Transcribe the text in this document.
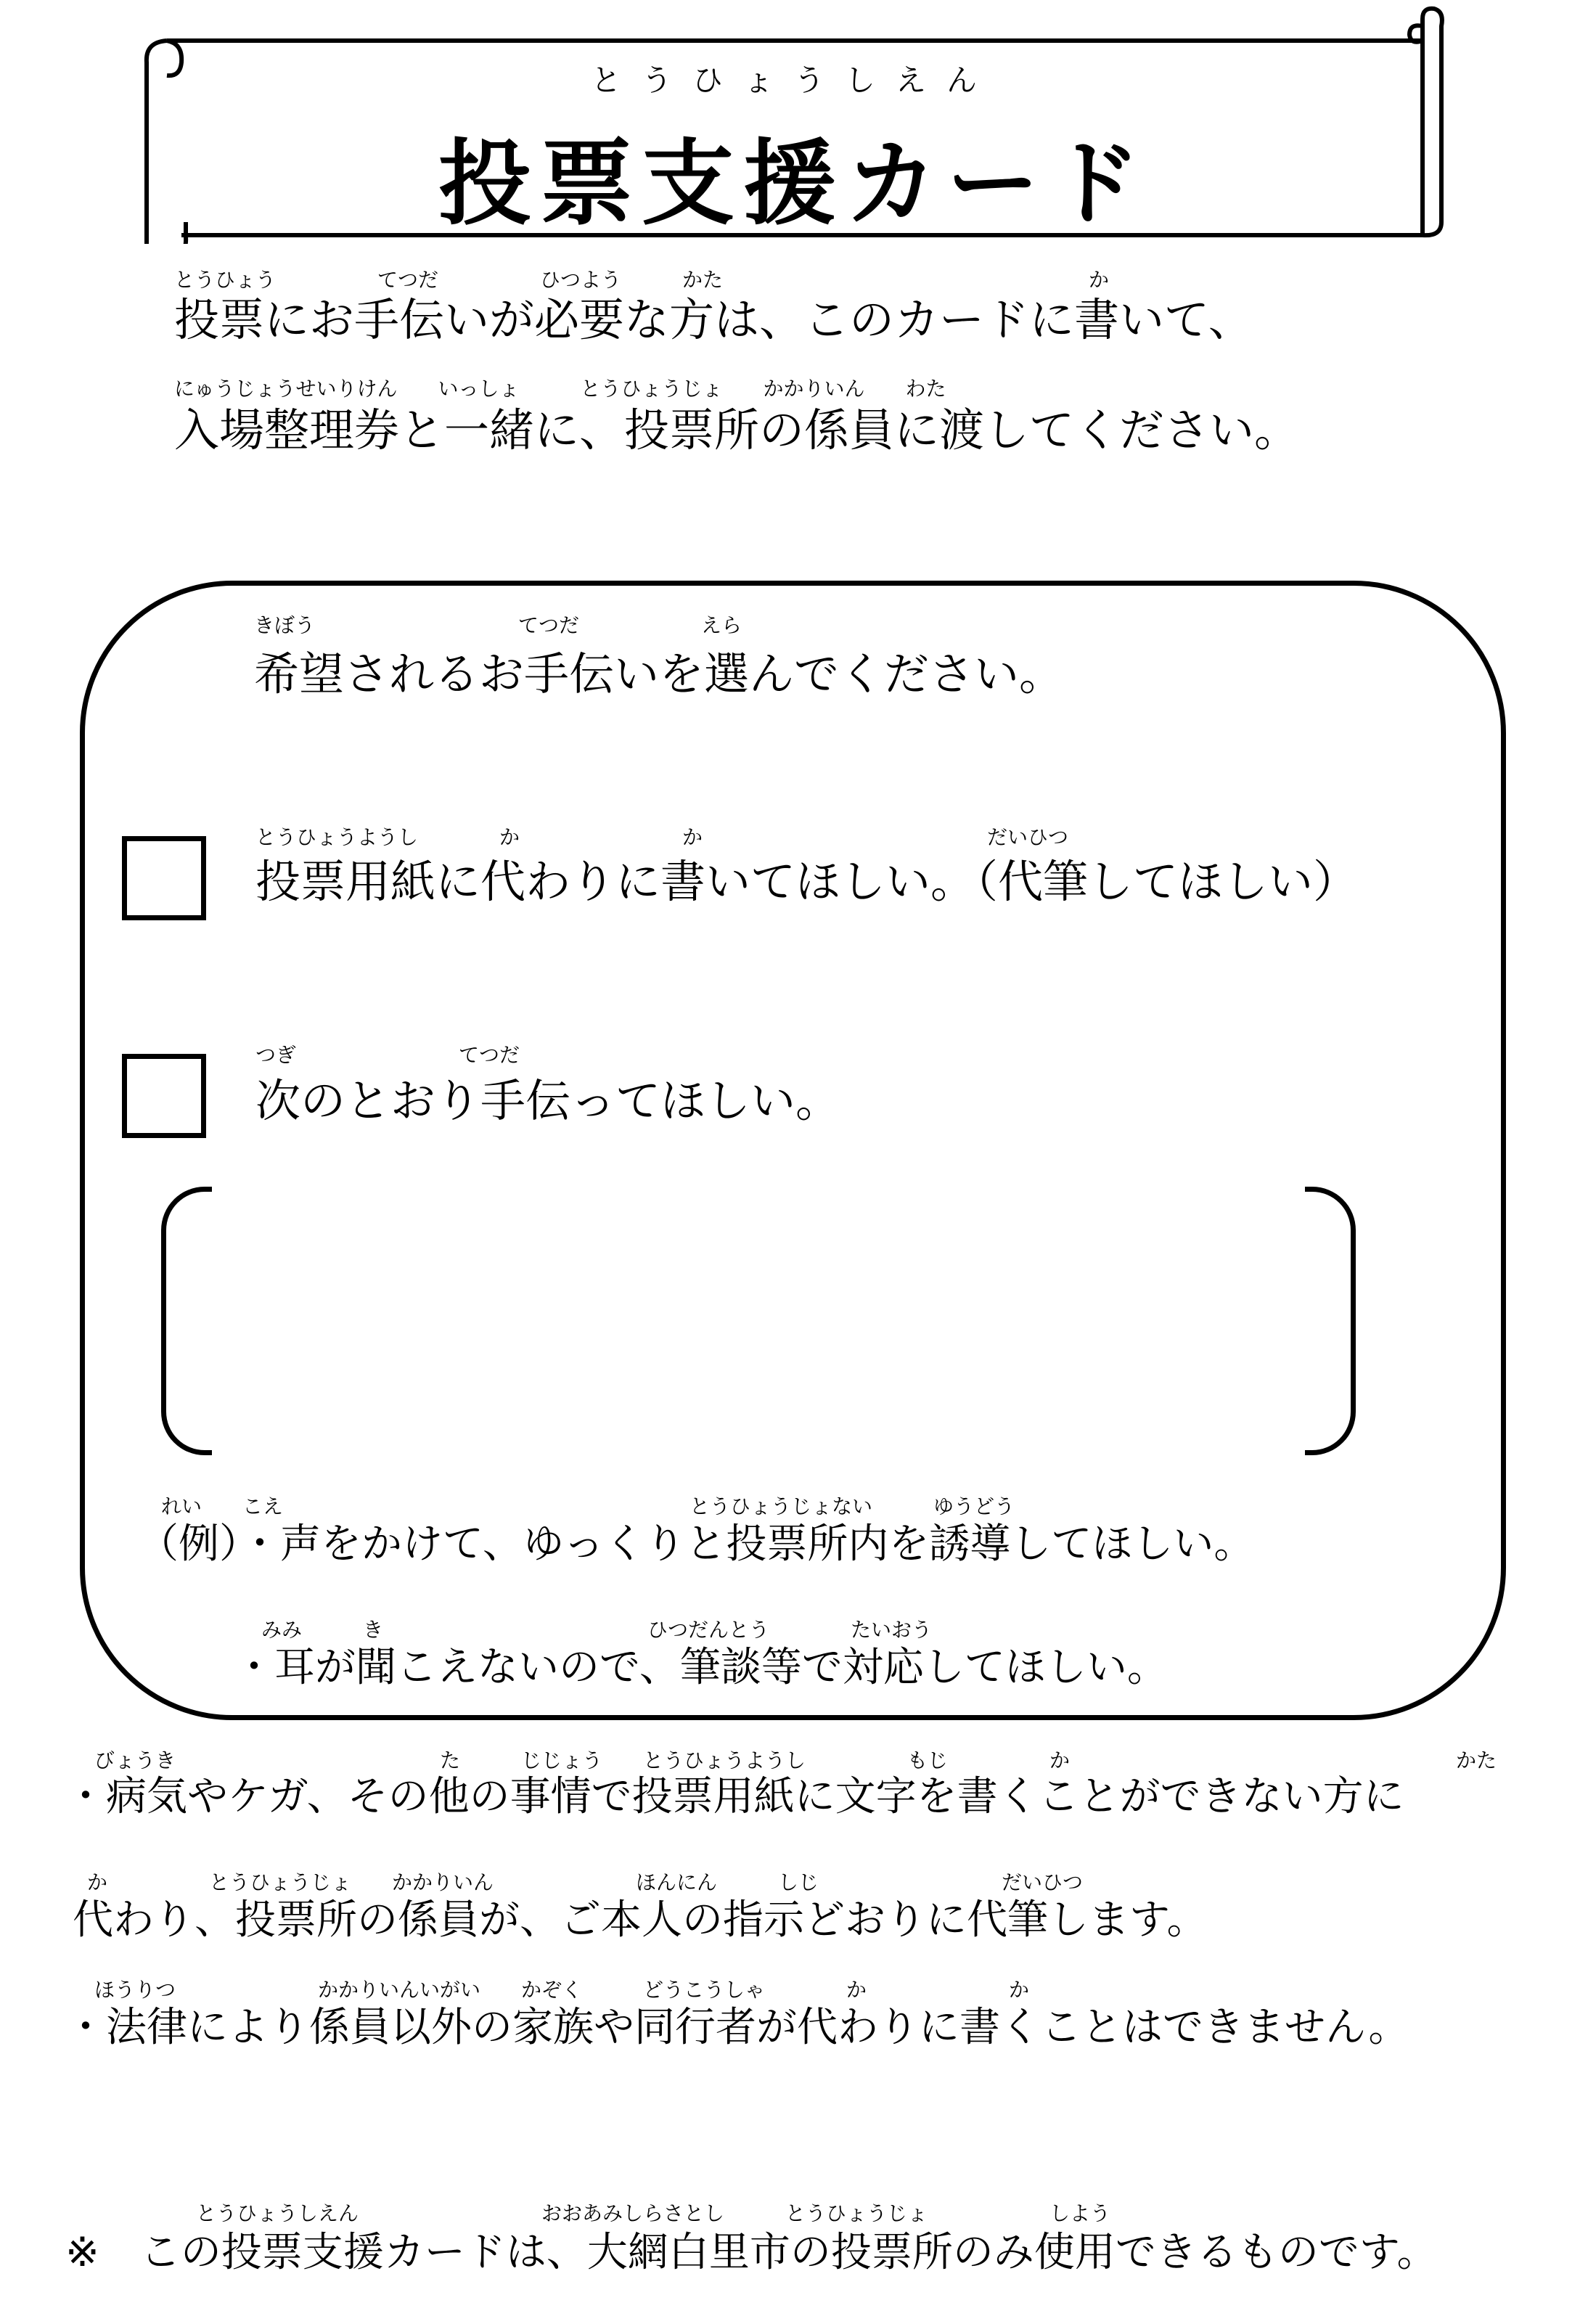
とうひょうしえん
投票支援カード
とうひょう　　　　　てつだ　　　　　ひつよう　　　かた　　　　　　　　　　　　　　　　　　か
投票にお手伝いが必要な方は、このカードに書いて、
にゅうじょうせいりけん　　いっしょ　　　とうひょうじょ　　かかりいん　　わた
入場整理券と一緒に、投票所の係員に渡してください。
きぼう　　　　　　　　　　てつだ　　　　　　えら
希望されるお手伝いを選んでください。
とうひょうようし　　　　か　　　　　　　　か　　　　　　　　　　　　　　だいひつ
投票用紙に代わりに書いてほしい。（代筆してほしい）
つぎ　　　　　　　　てつだ
次のとおり手伝ってほしい。
れい　　こえ　　　　　　　　　　　　　　　　　　　　とうひょうじょない　　　ゆうどう
（例）・声をかけて、ゆっくりと投票所内を誘導してほしい。
みみ　　　き　　　　　　　　　　　　　ひつだんとう　　　　たいおう
・耳が聞こえないので、筆談等で対応してほしい。
びょうき　　　　　　　　　　　　　た　　　じじょう　　とうひょうようし　　　　　もじ　　　　　か　　　　　　　　　　　　　　　　　　　かた
・病気やケガ、その他の事情で投票用紙に文字を書くことができない方に
か　　　　　とうひょうじょ　　かかりいん　　　　　　　ほんにん　　　しじ　　　　　　　　　だいひつ
代わり、投票所の係員が、ご本人の指示どおりに代筆します。
ほうりつ　　　　　　　かかりいんいがい　　かぞく　　　どうこうしゃ　　　　か　　　　　　　か
・法律により係員以外の家族や同行者が代わりに書くことはできません。
とうひょうしえん　　　　　　　　　おおあみしらさとし　　　とうひょうじょ　　　　　　しよう
※　この投票支援カードは、大網白里市の投票所のみ使用できるものです。
